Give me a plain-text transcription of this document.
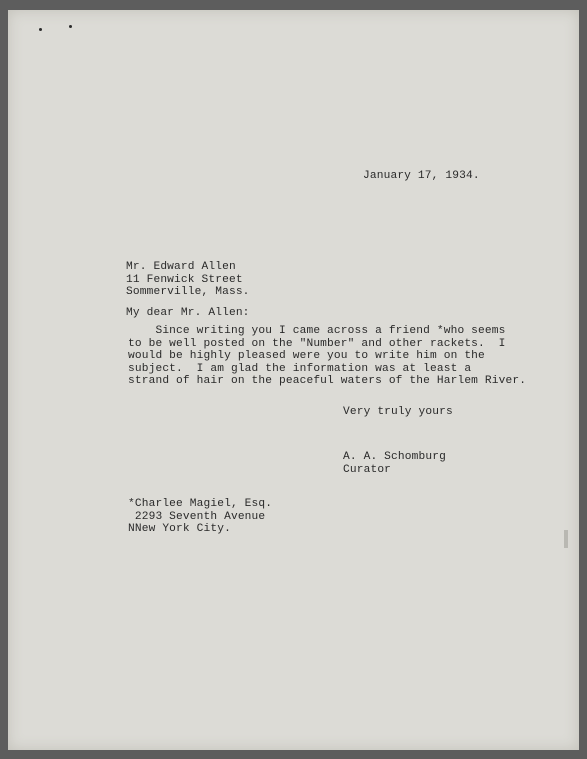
January 17, 1934.
Mr. Edward Allen
11 Fenwick Street
Sommerville, Mass.
My dear Mr. Allen:
Since writing you I came across a friend *who seems
to be well posted on the "Number" and other rackets.  I
would be highly pleased were you to write him on the
subject.  I am glad the information was at least a
strand of hair on the peaceful waters of the Harlem River.
Very truly yours
A. A. Schomburg
Curator
*Charlee Magiel, Esq.
2293 Seventh Avenue
NNew York City.
